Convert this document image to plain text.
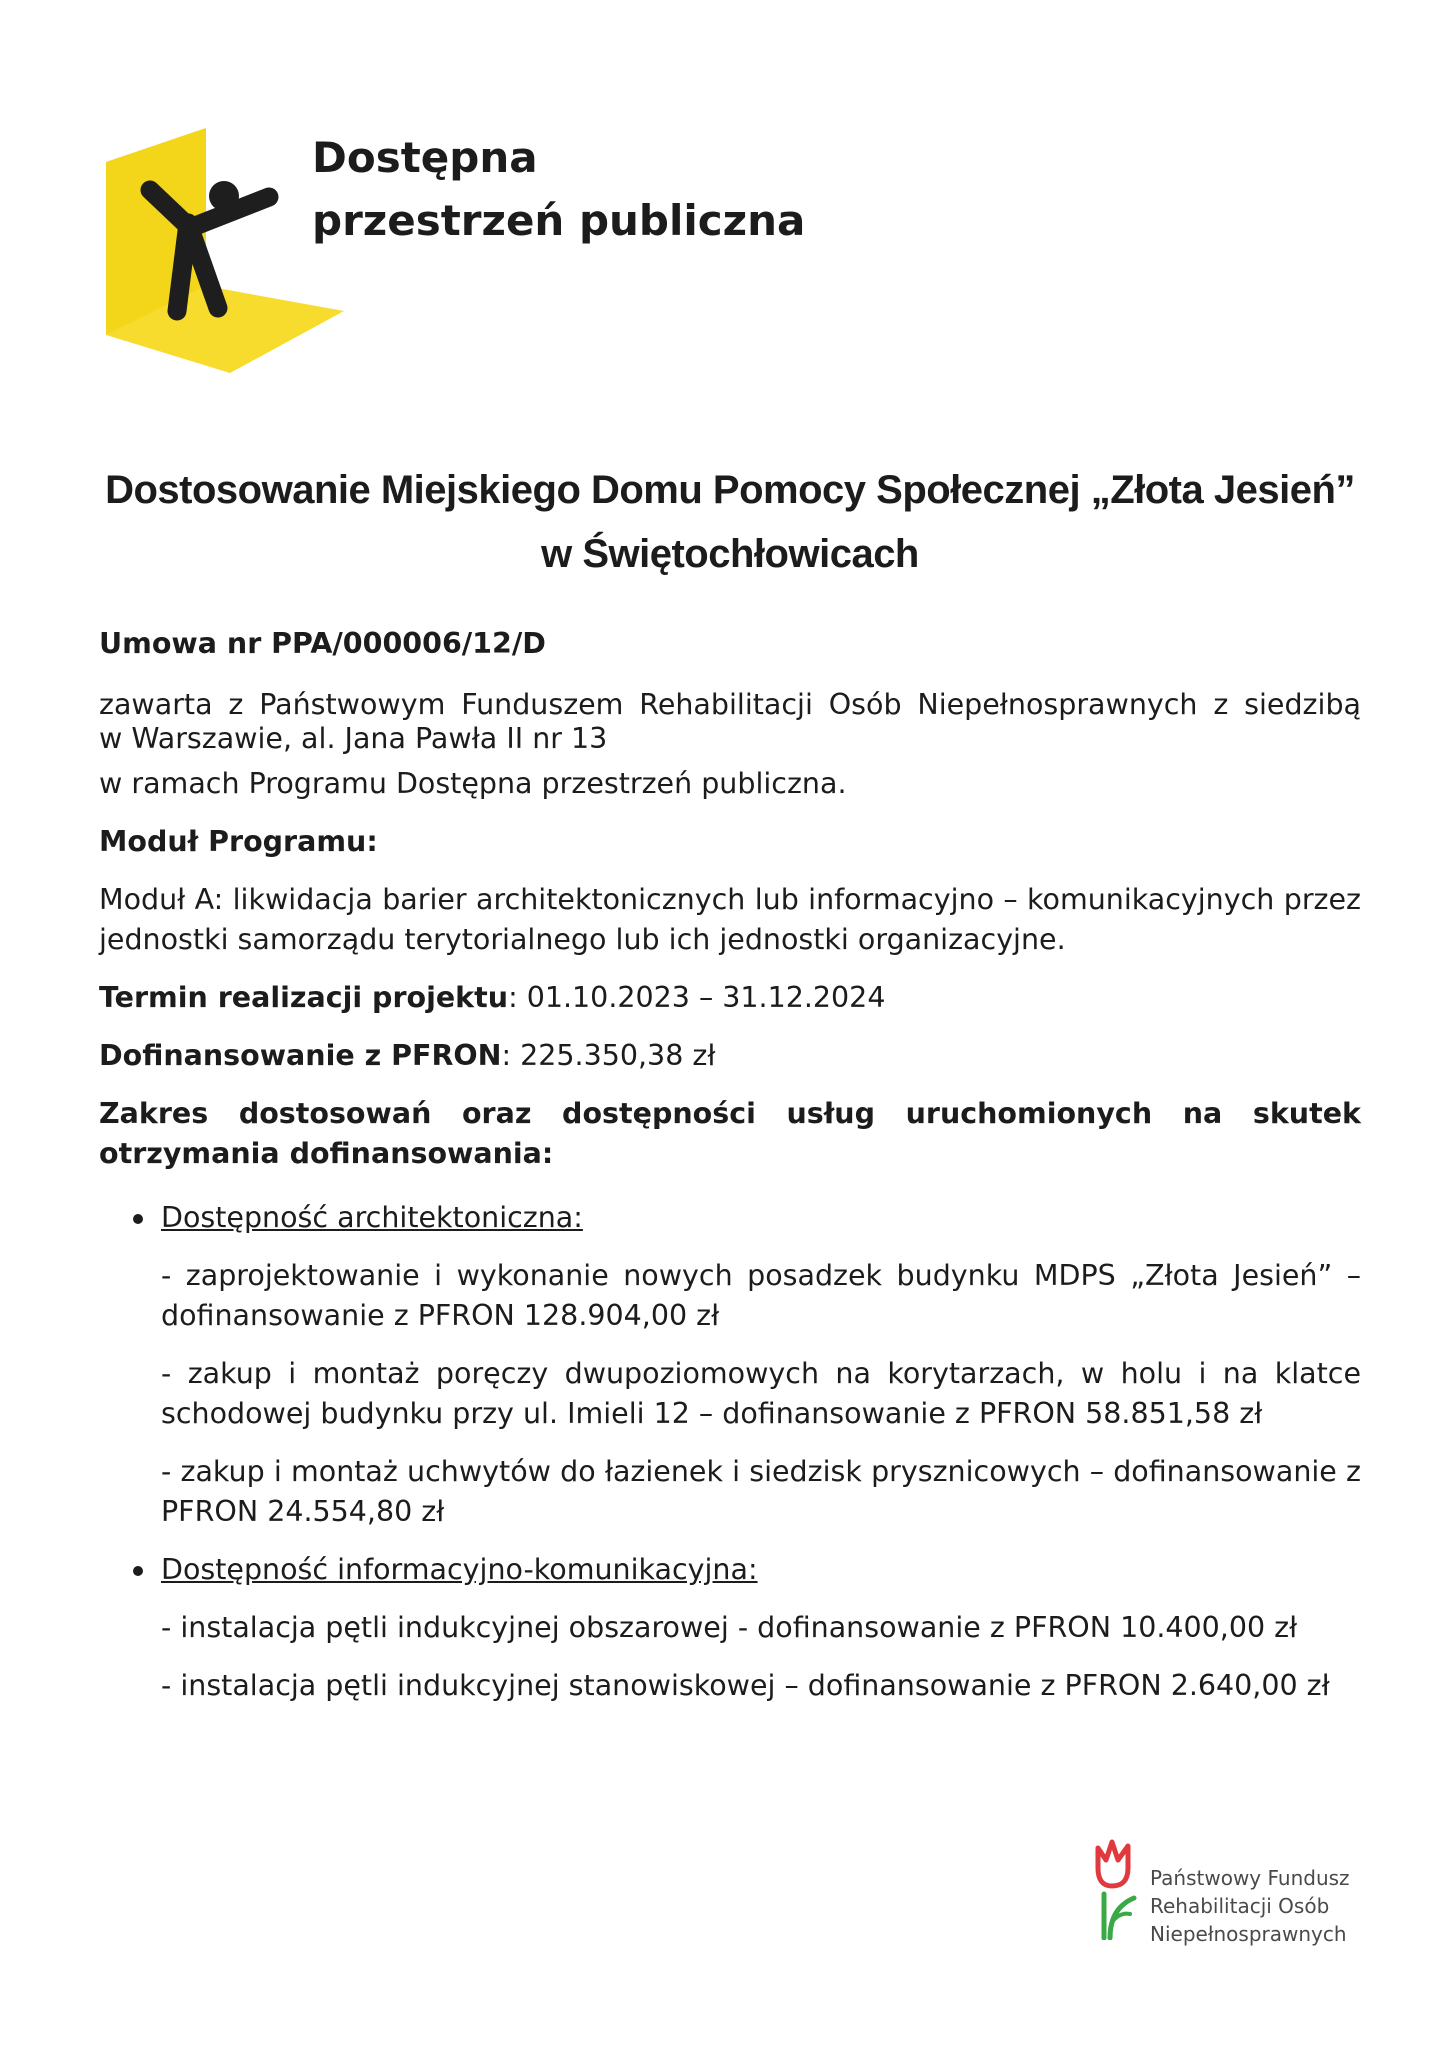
Dostępna
przestrzeń publiczna
Dostosowanie Miejskiego Domu Pomocy Społecznej „Złota Jesień”
w Świętochłowicach

Umowa nr PPA/000006/12/D

zawarta z Państwowym Funduszem Rehabilitacji Osób Niepełnosprawnych z siedzibą

w Warszawie, al. Jana Pawła II nr 13

w ramach Programu Dostępna przestrzeń publiczna.

Moduł Programu:

Moduł A: likwidacja barier architektonicznych lub informacyjno – komunikacyjnych przez jednostki samorządu terytorialnego lub ich jednostki organizacyjne.

Termin realizacji projektu: 01.10.2023 – 31.12.2024

Dofinansowanie z PFRON: 225.350,38 zł

Zakres dostosowań oraz dostępności usług uruchomionych na skutek otrzymania dofinansowania:

Dostępność architektoniczna:

- zaprojektowanie i wykonanie nowych posadzek budynku MDPS „Złota Jesień” – dofinansowanie z PFRON 128.904,00 zł

- zakup i montaż poręczy dwupoziomowych na korytarzach, w holu i na klatce schodowej budynku przy ul. Imieli 12 – dofinansowanie z PFRON 58.851,58 zł

- zakup i montaż uchwytów do łazienek i siedzisk prysznicowych – dofinansowanie z PFRON 24.554,80 zł

Dostępność informacyjno-komunikacyjna:

- instalacja pętli indukcyjnej obszarowej - dofinansowanie z PFRON 10.400,00 zł

- instalacja pętli indukcyjnej stanowiskowej – dofinansowanie z PFRON 2.640,00 zł

Państwowy Fundusz
Rehabilitacji Osób
Niepełnosprawnych
